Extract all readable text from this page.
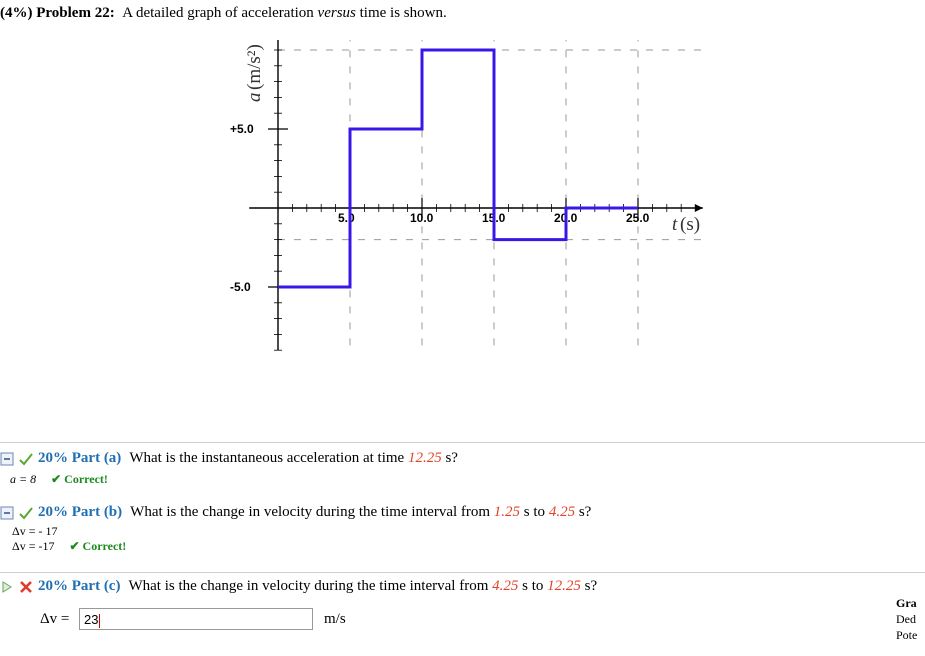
(4%) Problem 22: A detailed graph of acceleration versus time is shown.
+5.0
-5.0
5.0	10.0	15.0	20.0	25.0
a
(m/s²)
t (s)
20% Part (a) What is the instantaneous acceleration at time
12.25
s?
a = 8 ✔ Correct!
20% Part (b) What is the change in velocity during the time interval from
1.25
s to
4.25
s?
Δv = - 17
Δv = -17 ✔ Correct!
20% Part (c) What is the change in velocity during the time interval from
4.25
s to
12.25
s?
Δv =	23	m/s
Gra
Ded
Pote
